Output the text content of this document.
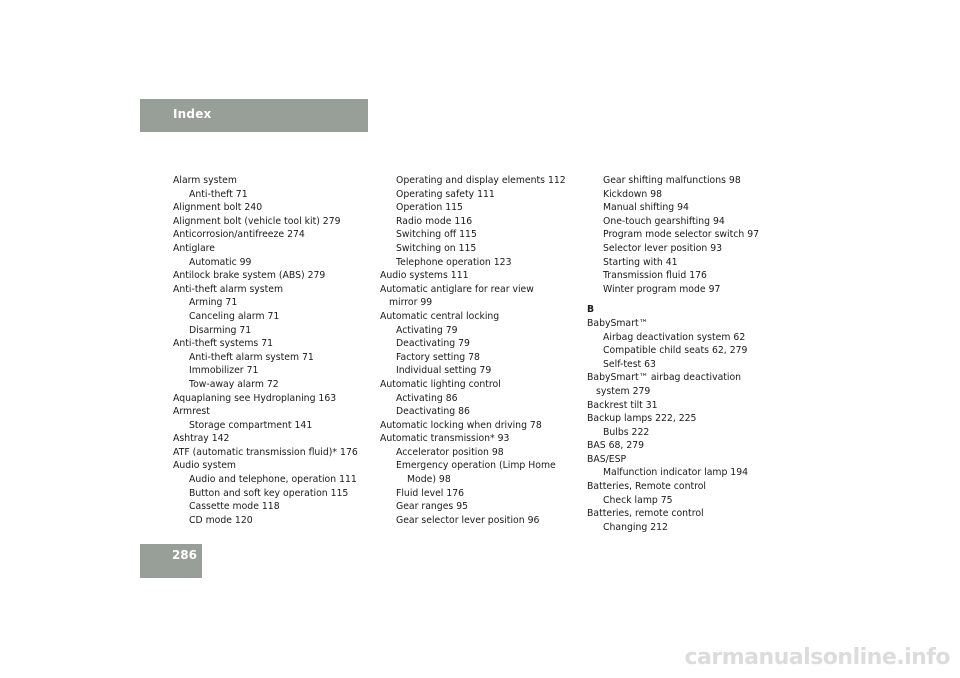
Index
Alarm system
Anti-theft 71
Alignment bolt 240
Alignment bolt (vehicle tool kit) 279
Anticorrosion/antifreeze 274
Antiglare
Automatic 99
Antilock brake system (ABS) 279
Anti-theft alarm system
Arming 71
Canceling alarm 71
Disarming 71
Anti-theft systems 71
Anti-theft alarm system 71
Immobilizer 71
Tow-away alarm 72
Aquaplaning see Hydroplaning 163
Armrest
Storage compartment 141
Ashtray 142
ATF (automatic transmission fluid)* 176
Audio system
Audio and telephone, operation 111
Button and soft key operation 115
Cassette mode 118
CD mode 120
Operating and display elements 112
Operating safety 111
Operation 115
Radio mode 116
Switching off 115
Switching on 115
Telephone operation 123
Audio systems 111
Automatic antiglare for rear view
mirror 99
Automatic central locking
Activating 79
Deactivating 79
Factory setting 78
Individual setting 79
Automatic lighting control
Activating 86
Deactivating 86
Automatic locking when driving 78
Automatic transmission* 93
Accelerator position 98
Emergency operation (Limp Home
Mode) 98
Fluid level 176
Gear ranges 95
Gear selector lever position 96
Gear shifting malfunctions 98
Kickdown 98
Manual shifting 94
One-touch gearshifting 94
Program mode selector switch 97
Selector lever position 93
Starting with 41
Transmission fluid 176
Winter program mode 97
B
BabySmart™
Airbag deactivation system 62
Compatible child seats 62, 279
Self-test 63
BabySmart™ airbag deactivation
system 279
Backrest tilt 31
Backup lamps 222, 225
Bulbs 222
BAS 68, 279
BAS/ESP
Malfunction indicator lamp 194
Batteries, Remote control
Check lamp 75
Batteries, remote control
Changing 212
286
carmanualsonline.info
